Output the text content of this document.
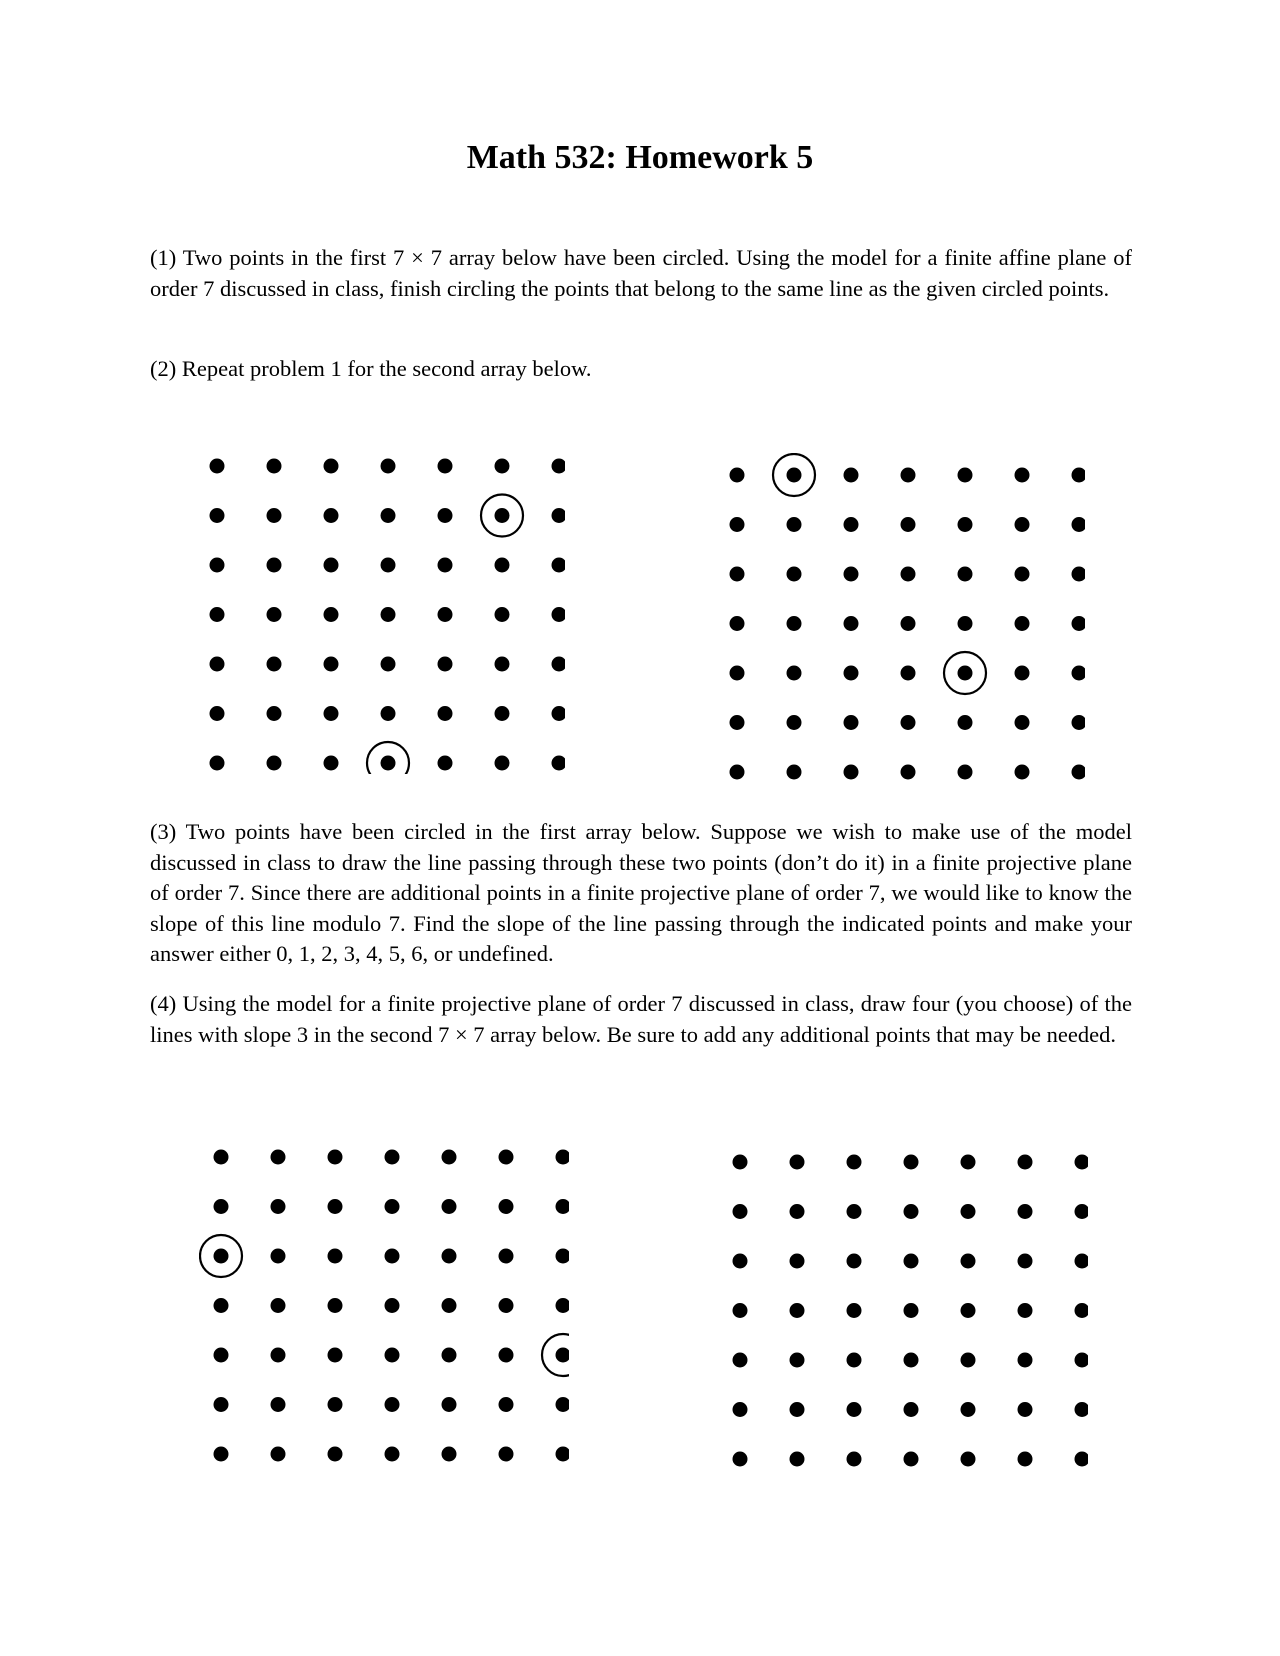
Math 532: Homework 5

(1) Two points in the first 7 × 7 array below have been circled. Using the model for a finite affine plane of order 7 discussed in class, finish circling the points that belong to the same line as the given circled points.

(2) Repeat problem 1 for the second array below.

(3) Two points have been circled in the first array below. Suppose we wish to make use of the model discussed in class to draw the line passing through these two points (don’t do it) in a finite projective plane of order 7. Since there are additional points in a finite projective plane of order 7, we would like to know the slope of this line modulo 7. Find the slope of the line passing through the indicated points and make your answer either 0, 1, 2, 3, 4, 5, 6, or undefined.

(4) Using the model for a finite projective plane of order 7 discussed in class, draw four (you choose) of the lines with slope 3 in the second 7 × 7 array below. Be sure to add any additional points that may be needed.
